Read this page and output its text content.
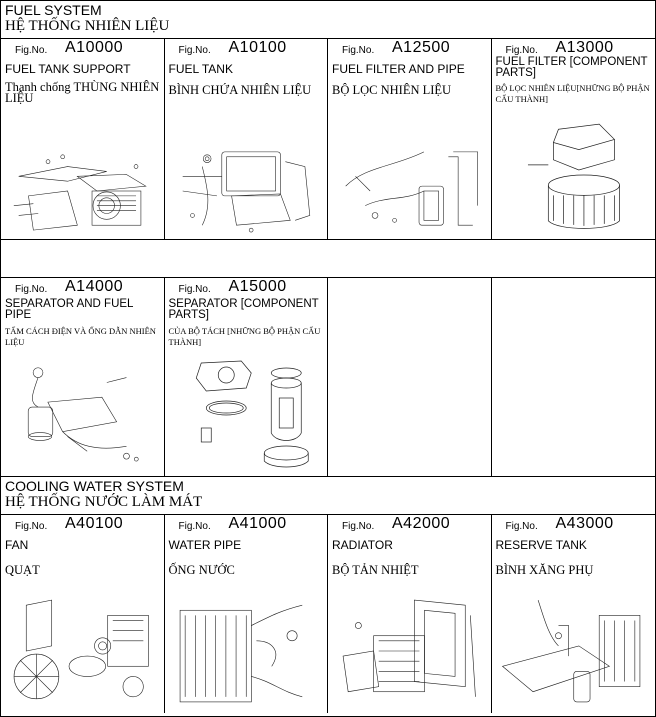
FUEL SYSTEM
HỆ THỐNG NHIÊN LIỆU
Fig.No. A10000
FUEL TANK SUPPORT
Thanh chống THÙNG NHIÊN LIỆU
Fig.No. A10100
FUEL TANK
BÌNH CHỨA NHIÊN LIỆU
Fig.No. A12500
FUEL FILTER AND PIPE
BỘ LỌC NHIÊN LIỆU
Fig.No. A13000
FUEL FILTER [COMPONENT PARTS]
BỘ LỌC NHIÊN LIỆU[NHỮNG BỘ PHẬN CẤU THÀNH]
Fig.No. A14000
SEPARATOR AND FUEL PIPE
TẤM CÁCH ĐIỆN VÀ ỐNG DẪN NHIÊN LIỆU
Fig.No. A15000
SEPARATOR [COMPONENT PARTS]
CỦA BỘ TÁCH [NHỮNG BỘ PHẬN CẤU THÀNH]
COOLING WATER SYSTEM
HỆ THỐNG NƯỚC LÀM MÁT
Fig.No. A40100
FAN
QUẠT
Fig.No. A41000
WATER PIPE
ỐNG NƯỚC
Fig.No. A42000
RADIATOR
BỘ TẢN NHIỆT
Fig.No. A43000
RESERVE TANK
BÌNH XĂNG PHỤ
